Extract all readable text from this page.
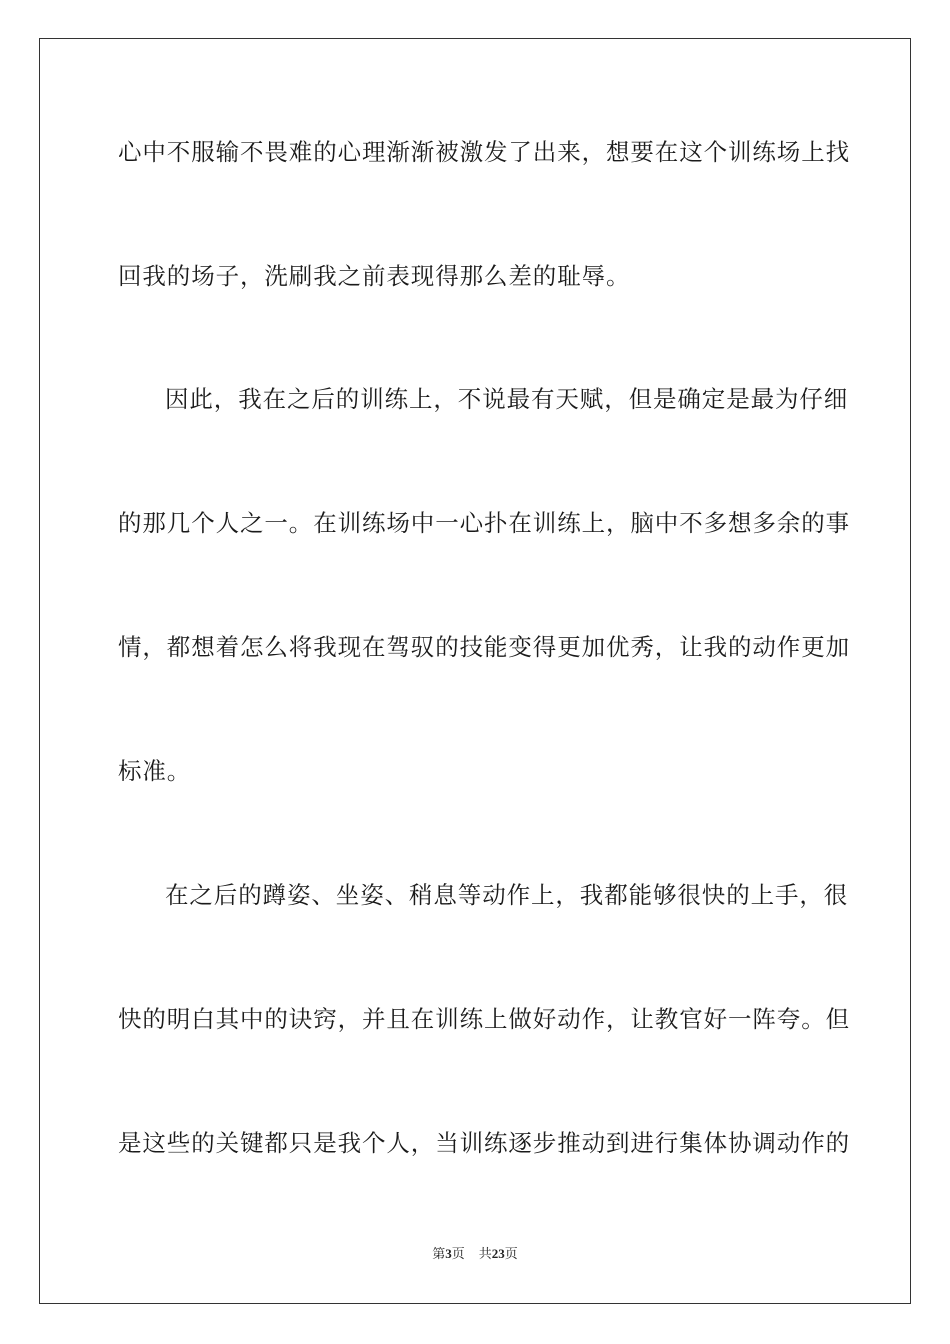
心中不服输不畏难的心理渐渐被激发了出来，想要在这个训练场上找
回我的场子，洗刷我之前表现得那么差的耻辱。
因此，我在之后的训练上，不说最有天赋，但是确定是最为仔细
的那几个人之一。在训练场中一心扑在训练上，脑中不多想多余的事
情，都想着怎么将我现在驾驭的技能变得更加优秀，让我的动作更加
标准。
在之后的蹲姿、坐姿、稍息等动作上，我都能够很快的上手，很
快的明白其中的诀窍，并且在训练上做好动作，让教官好一阵夸。但
是这些的关键都只是我个人，当训练逐步推动到进行集体协调动作的
第3页 共23页
